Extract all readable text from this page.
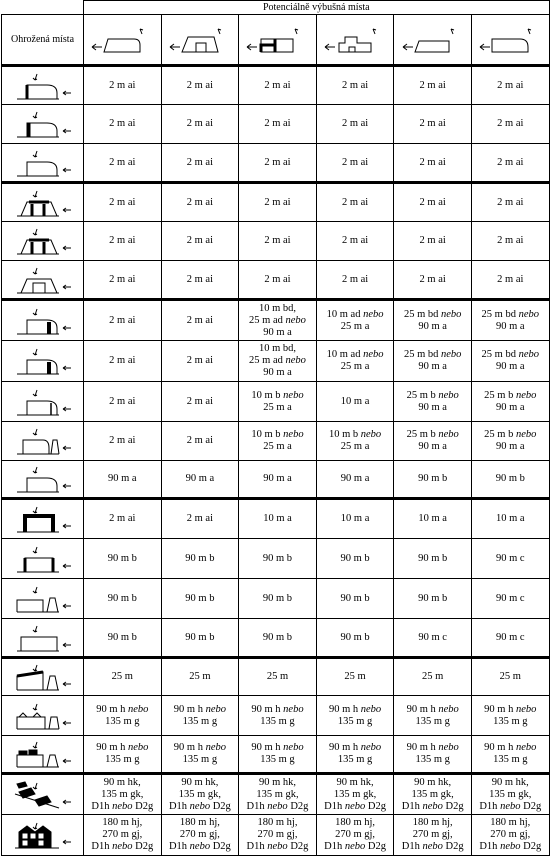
	Potenciálně výbušná místa					
Ohrožená místa	

	2 m ai	2 m ai	2 m ai	2 m ai	2 m ai	2 m ai

	2 m ai	2 m ai	2 m ai	2 m ai	2 m ai	2 m ai

	2 m ai	2 m ai	2 m ai	2 m ai	2 m ai	2 m ai

	2 m ai	2 m ai	2 m ai	2 m ai	2 m ai	2 m ai

	2 m ai	2 m ai	2 m ai	2 m ai	2 m ai	2 m ai

	2 m ai	2 m ai	2 m ai	2 m ai	2 m ai	2 m ai

	2 m ai	2 m ai	10 m bd,
25 m ad nebo
90 m a	10 m ad nebo
25 m a	25 m bd nebo
90 m a	25 m bd nebo
90 m a

	2 m ai	2 m ai	10 m bd,
25 m ad nebo
90 m a	10 m ad nebo
25 m a	25 m bd nebo
90 m a	25 m bd nebo
90 m a

	2 m ai	2 m ai	10 m b nebo
25 m a	10 m a	25 m b nebo
90 m a	25 m b nebo
90 m a

	2 m ai	2 m ai	10 m b nebo
25 m a	10 m b nebo
25 m a	25 m b nebo
90 m a	25 m b nebo
90 m a

	90 m a	90 m a	90 m a	90 m a	90 m b	90 m b

	2 m ai	2 m ai	10 m a	10 m a	10 m a	10 m a

	90 m b	90 m b	90 m b	90 m b	90 m b	90 m c

	90 m b	90 m b	90 m b	90 m b	90 m b	90 m c

	90 m b	90 m b	90 m b	90 m b	90 m c	90 m c

	25 m	25 m	25 m	25 m	25 m	25 m

	90 m h nebo
135 m g	90 m h nebo
135 m g	90 m h nebo
135 m g	90 m h nebo
135 m g	90 m h nebo
135 m g	90 m h nebo
135 m g

	90 m h nebo
135 m g	90 m h nebo
135 m g	90 m h nebo
135 m g	90 m h nebo
135 m g	90 m h nebo
135 m g	90 m h nebo
135 m g

	90 m hk,
135 m gk,
D1h nebo D2g	90 m hk,
135 m gk,
D1h nebo D2g	90 m hk,
135 m gk,
D1h nebo D2g	90 m hk,
135 m gk,
D1h nebo D2g	90 m hk,
135 m gk,
D1h nebo D2g	90 m hk,
135 m gk,
D1h nebo D2g

	180 m hj,
270 m gj,
D1h nebo D2g	180 m hj,
270 m gj,
D1h nebo D2g	180 m hj,
270 m gj,
D1h nebo D2g	180 m hj,
270 m gj,
D1h nebo D2g	180 m hj,
270 m gj,
D1h nebo D2g	180 m hj,
270 m gj,
D1h nebo D2g
